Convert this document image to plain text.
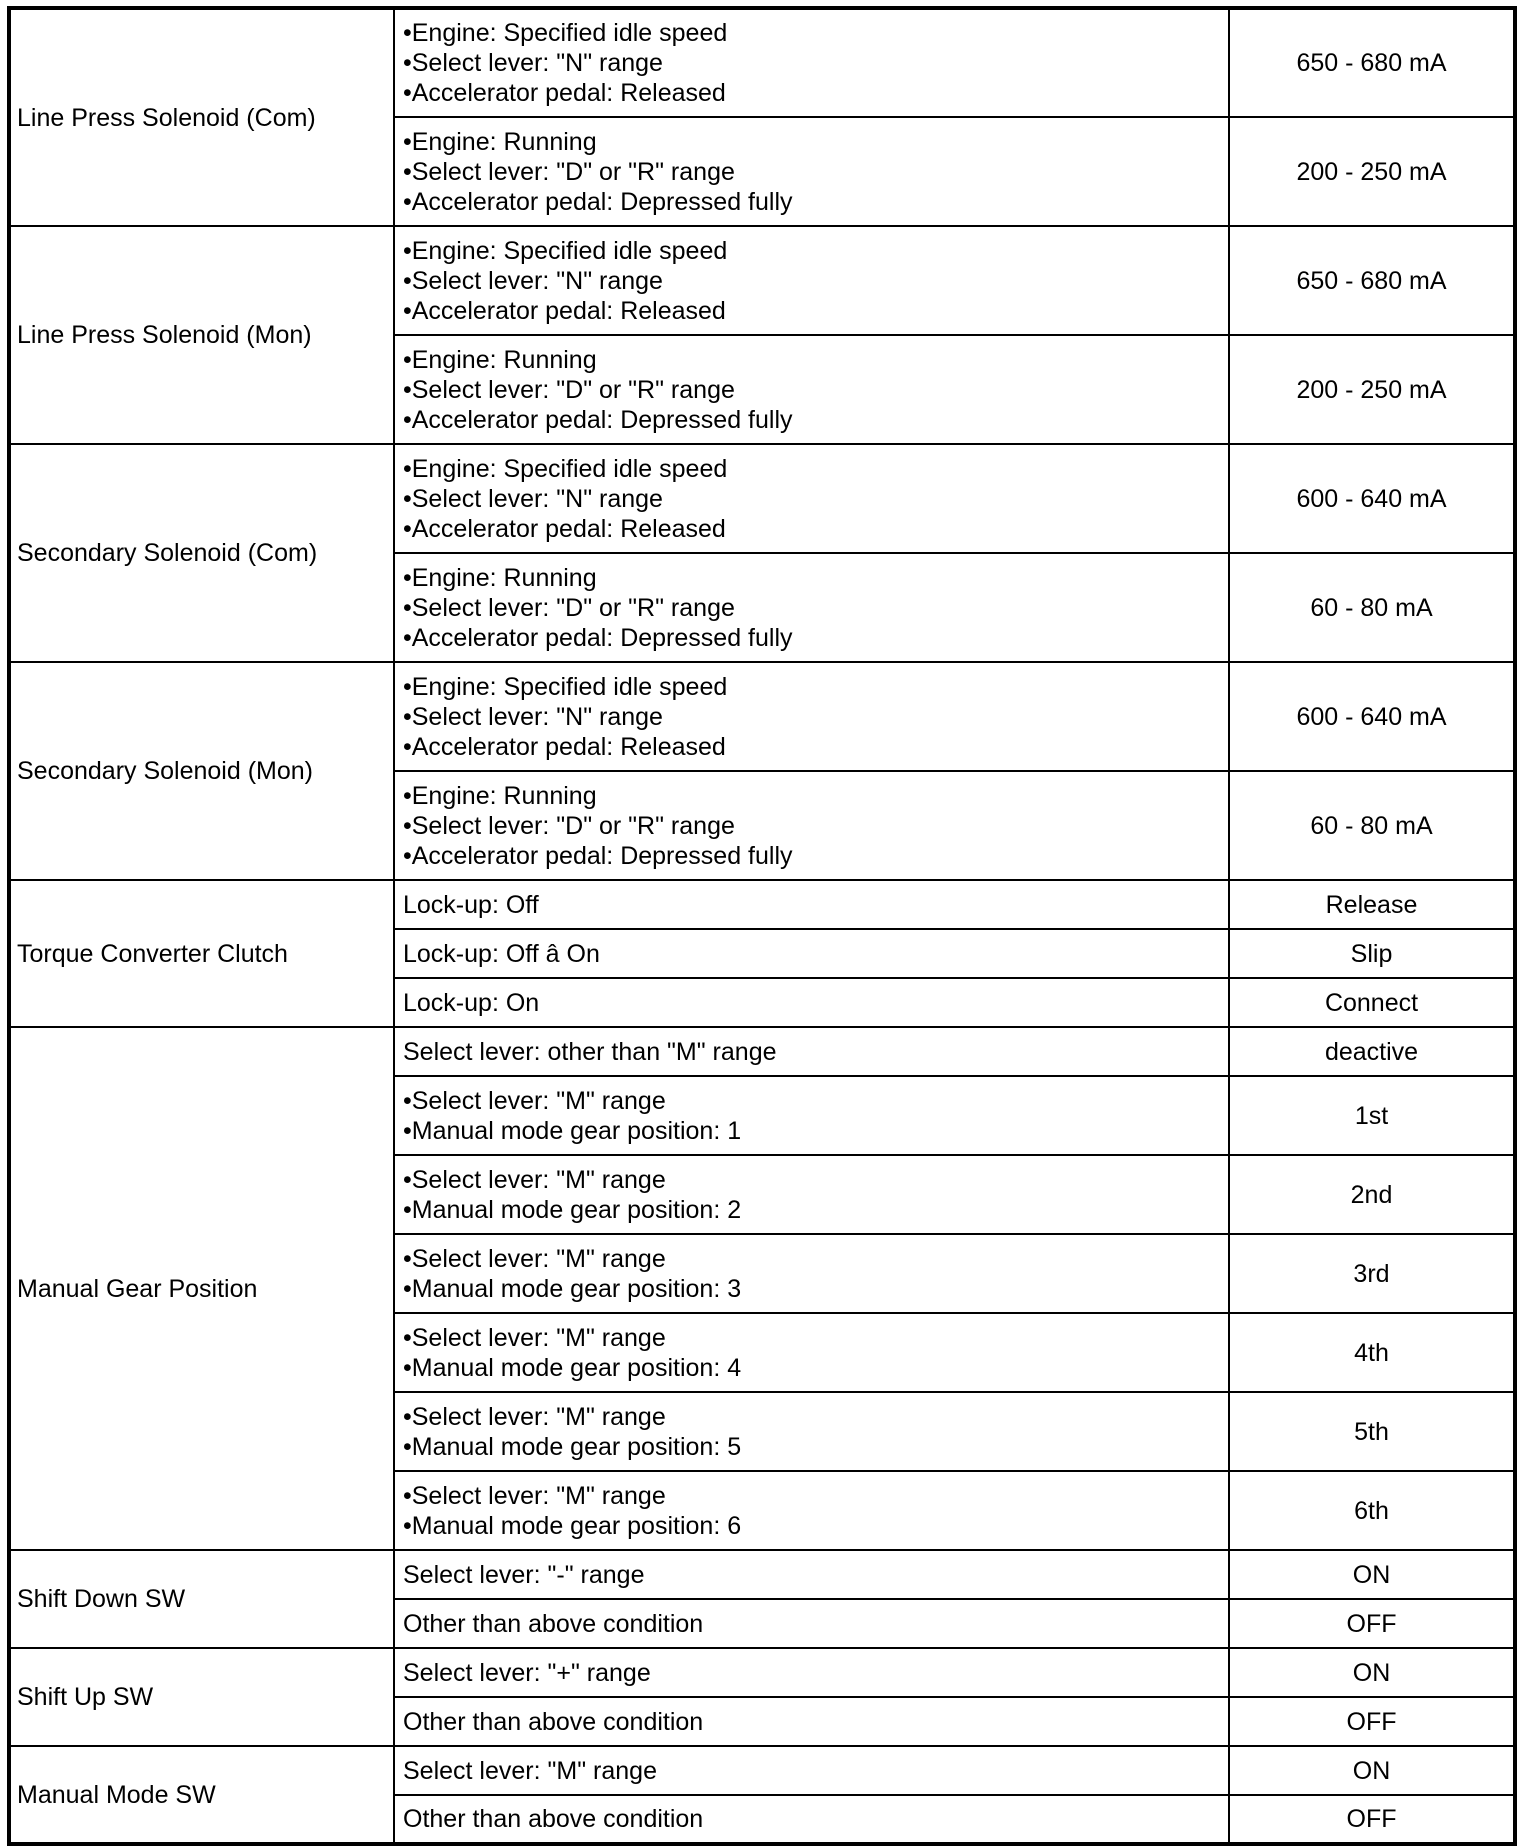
Line Press Solenoid (Com)	•Engine: Specified idle speed
•Select lever: "N" range
•Accelerator pedal: Released	650 - 680 mA

	•Engine: Running
•Select lever: "D" or "R" range
•Accelerator pedal: Depressed fully	200 - 250 mA
Line Press Solenoid (Mon)	•Engine: Specified idle speed
•Select lever: "N" range
•Accelerator pedal: Released	650 - 680 mA

	•Engine: Running
•Select lever: "D" or "R" range
•Accelerator pedal: Depressed fully	200 - 250 mA
Secondary Solenoid (Com)	•Engine: Specified idle speed
•Select lever: "N" range
•Accelerator pedal: Released	600 - 640 mA

	•Engine: Running
•Select lever: "D" or "R" range
•Accelerator pedal: Depressed fully	60 - 80 mA
Secondary Solenoid (Mon)	•Engine: Specified idle speed
•Select lever: "N" range
•Accelerator pedal: Released	600 - 640 mA

	•Engine: Running
•Select lever: "D" or "R" range
•Accelerator pedal: Depressed fully	60 - 80 mA
Torque Converter Clutch	Lock-up: Off	Release

	Lock-up: Off â On	Slip

	Lock-up: On	Connect
Manual Gear Position	Select lever: other than "M" range	deactive

	•Select lever: "M" range
•Manual mode gear position: 1	1st

	•Select lever: "M" range
•Manual mode gear position: 2	2nd

	•Select lever: "M" range
•Manual mode gear position: 3	3rd

	•Select lever: "M" range
•Manual mode gear position: 4	4th

	•Select lever: "M" range
•Manual mode gear position: 5	5th

	•Select lever: "M" range
•Manual mode gear position: 6	6th
Shift Down SW	Select lever: "-" range	ON

	Other than above condition	OFF
Shift Up SW	Select lever: "+" range	ON

	Other than above condition	OFF
Manual Mode SW	Select lever: "M" range	ON

	Other than above condition	OFF
